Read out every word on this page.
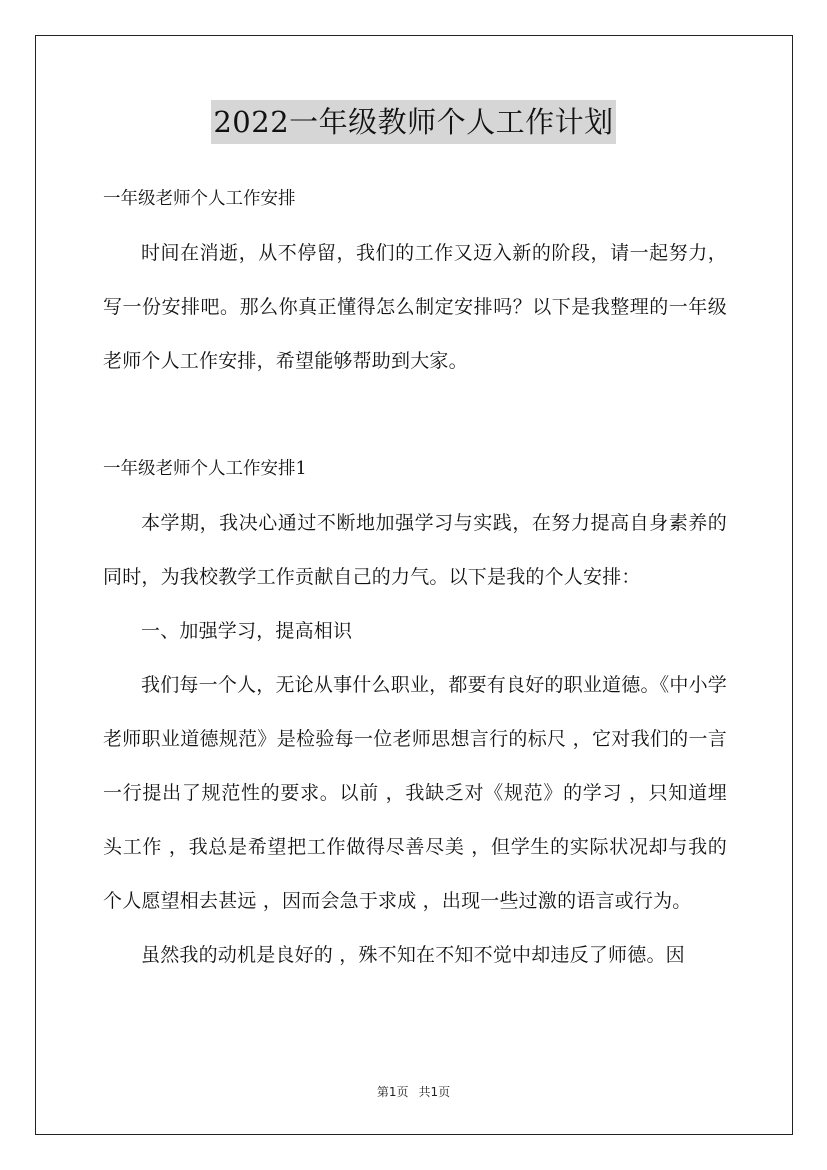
2022一年级教师个人工作计划

一年级老师个人工作安排

时间在消逝，从不停留，我们的工作又迈入新的阶段，请一起努力，写一份安排吧。那么你真正懂得怎么制定安排吗？以下是我整理的一年级老师个人工作安排，希望能够帮助到大家。

一年级老师个人工作安排1

本学期，我决心通过不断地加强学习与实践，在努力提高自身素养的同时，为我校教学工作贡献自己的力气。以下是我的个人安排：

一、加强学习，提高相识

我们每一个人，无论从事什么职业，都要有良好的职业道德。《中小学老师职业道德规范》是检验每一位老师思想言行的标尺 ，它对我们的一言一行提出了规范性的要求。以前 ，我缺乏对《规范》的学习 ，只知道埋头工作 ，我总是希望把工作做得尽善尽美 ，但学生的实际状况却与我的个人愿望相去甚远 ，因而会急于求成 ，出现一些过激的语言或行为。

虽然我的动机是良好的 ，殊不知在不知不觉中却违反了师德。因

第1页 共1页
